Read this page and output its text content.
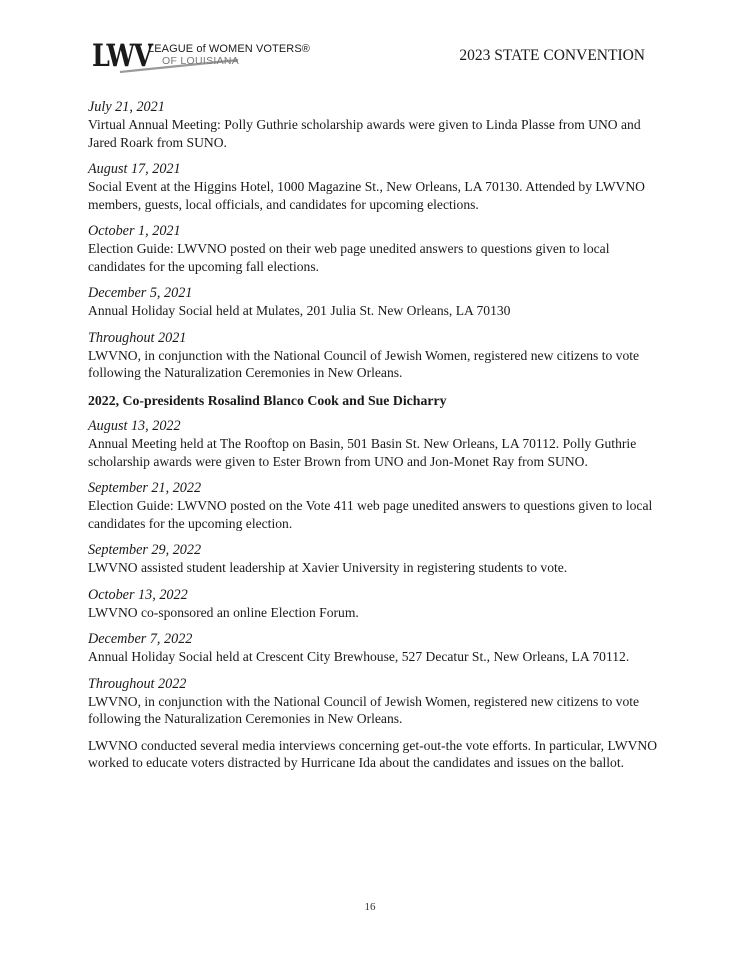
LWV
LEAGUE of WOMEN VOTERS®
OF LOUISIANA	2023 STATE CONVENTION

July 21, 2021

Virtual Annual Meeting: Polly Guthrie scholarship awards were given to Linda Plasse from UNO and Jared Roark from SUNO.

August 17, 2021

Social Event at the Higgins Hotel, 1000 Magazine St., New Orleans, LA 70130. Attended by LWVNO members, guests, local officials, and candidates for upcoming elections.

October 1, 2021

Election Guide: LWVNO posted on their web page unedited answers to questions given to local candidates for the upcoming fall elections.

December 5, 2021

Annual Holiday Social held at Mulates, 201 Julia St. New Orleans, LA 70130

Throughout 2021

LWVNO, in conjunction with the National Council of Jewish Women, registered new citizens to vote following the Naturalization Ceremonies in New Orleans.

2022, Co-presidents Rosalind Blanco Cook and Sue Dicharry

August 13, 2022

Annual Meeting held at The Rooftop on Basin, 501 Basin St. New Orleans, LA 70112. Polly Guthrie scholarship awards were given to Ester Brown from UNO and Jon-Monet Ray from SUNO.

September 21, 2022

Election Guide: LWVNO posted on the Vote 411 web page unedited answers to questions given to local candidates for the upcoming election.

September 29, 2022

LWVNO assisted student leadership at Xavier University in registering students to vote.

October 13, 2022

LWVNO co-sponsored an online Election Forum.

December 7, 2022

Annual Holiday Social held at Crescent City Brewhouse, 527 Decatur St., New Orleans, LA 70112.

Throughout 2022

LWVNO, in conjunction with the National Council of Jewish Women, registered new citizens to vote following the Naturalization Ceremonies in New Orleans.

LWVNO conducted several media interviews concerning get-out-the vote efforts. In particular, LWVNO worked to educate voters distracted by Hurricane Ida about the candidates and issues on the ballot.

16
